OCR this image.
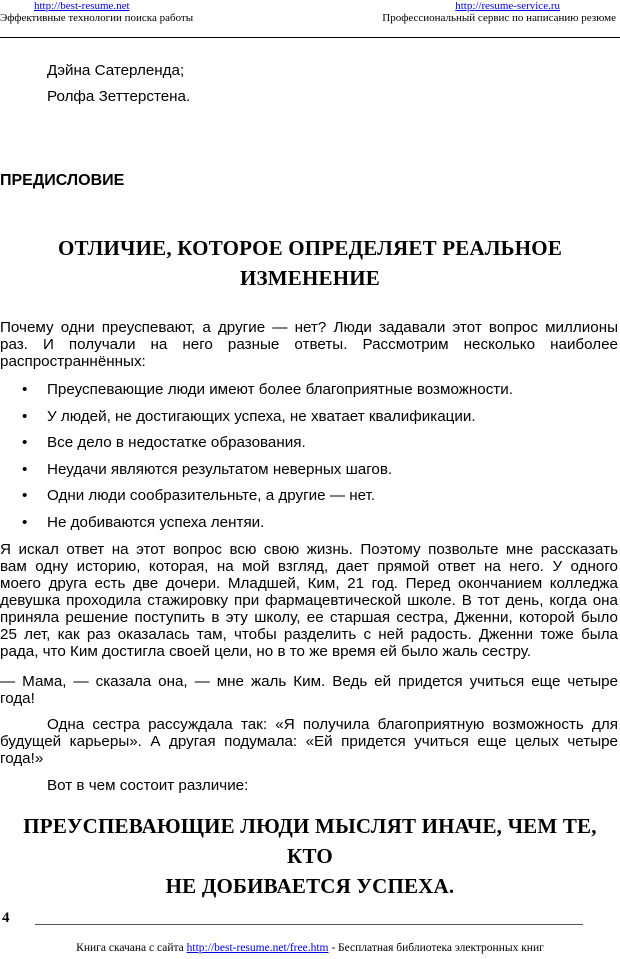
http://best-resume.net	http://resume-service.ru
Эффективные технологии поиска работы	Профессиональный сервис по написанию резюме
Дэйна Сатерленда;
Ролфа Зеттерстена.
ПРЕДИСЛОВИЕ
ОТЛИЧИЕ, КОТОРОЕ ОПРЕДЕЛЯЕТ РЕАЛЬНОЕ
ИЗМЕНЕНИЕ
Почему одни преуспевают, а другие — нет? Люди задавали этот вопрос миллионы
раз. И получали на него разные ответы. Рассмотрим несколько наиболее
распространнённых:
• Преуспевающие люди имеют более благоприятные возможности.
• У людей, не достигающих успеха, не хватает квалификации.
• Все дело в недостатке образования.
• Неудачи являются результатом неверных шагов.
• Одни люди сообразительньте, а другие — нет.
• Не добиваются успеха лентяи.
Я искал ответ на этот вопрос всю свою жизнь. Поэтому позвольте мне рассказать
вам одну историю, которая, на мой взгляд, дает прямой ответ на него. У одного
моего друга есть две дочери. Младшей, Ким, 21 год. Перед окончанием колледжа
девушка проходила стажировку при фармацевтической школе. В тот день, когда она
приняла решение поступить в эту школу, ее старшая сестра, Дженни, которой было
25 лет, как раз оказалась там, чтобы разделить с ней радость. Дженни тоже была
рада, что Ким достигла своей цели, но в то же время ей было жаль сестру.
— Мама, — сказала она, — мне жаль Ким. Ведь ей придется учиться еще четыре
года!
Одна сестра рассуждала так: «Я получила благоприятную возможность для
будущей карьеры». А другая подумала: «Ей придется учиться еще целых четыре
года!»
Вот в чем состоит различие:
ПРЕУСПЕВАЮЩИЕ ЛЮДИ МЫСЛЯТ ИНАЧЕ, ЧЕМ ТЕ, КТО
НЕ ДОБИВАЕТСЯ УСПЕХА.
4
Книга скачана с сайта http://best-resume.net/free.htm - Бесплатная библиотека электронных книг
